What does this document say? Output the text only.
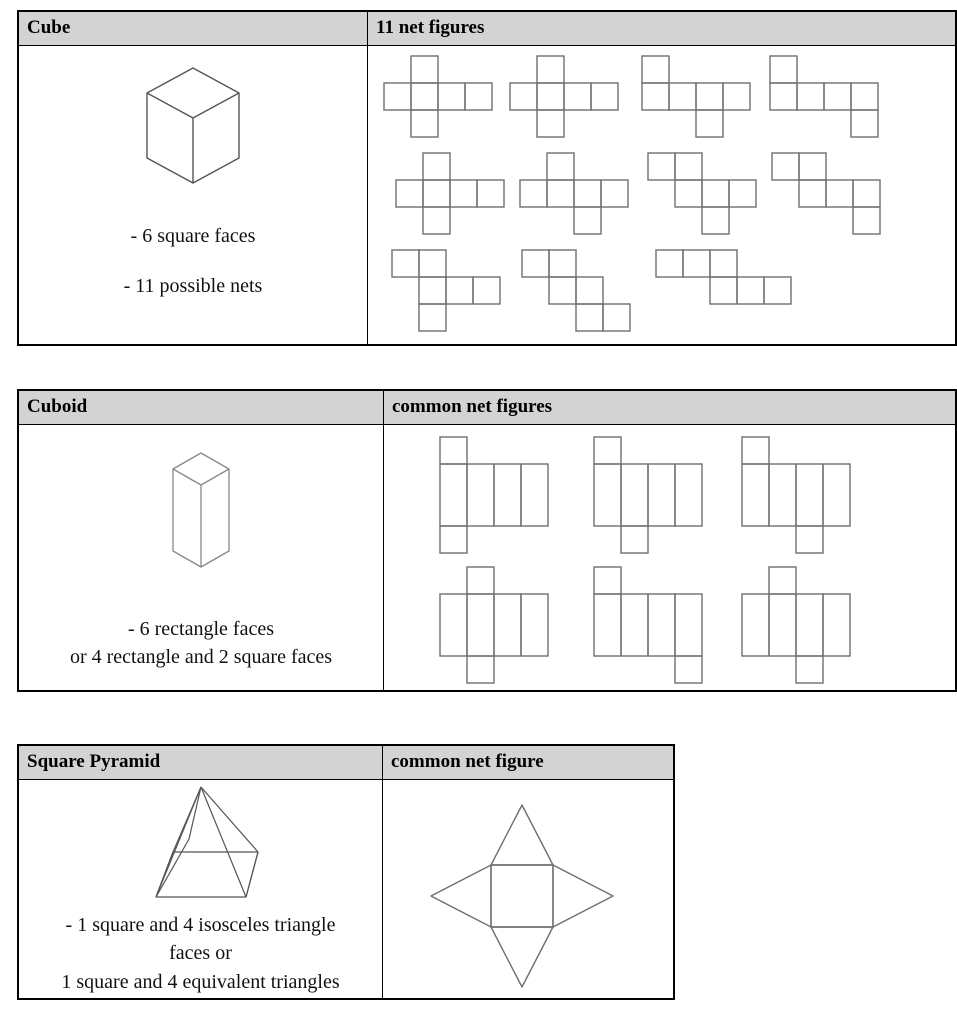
Cube	11 net figures

- 6 square faces
- 11 possible nets

Cuboid	common net figures

- 6 rectangle faces
or 4 rectangle and 2 square faces

Square Pyramid	common net figure

- 1 square and 4 isosceles triangle
faces or
1 square and 4 equivalent triangles
